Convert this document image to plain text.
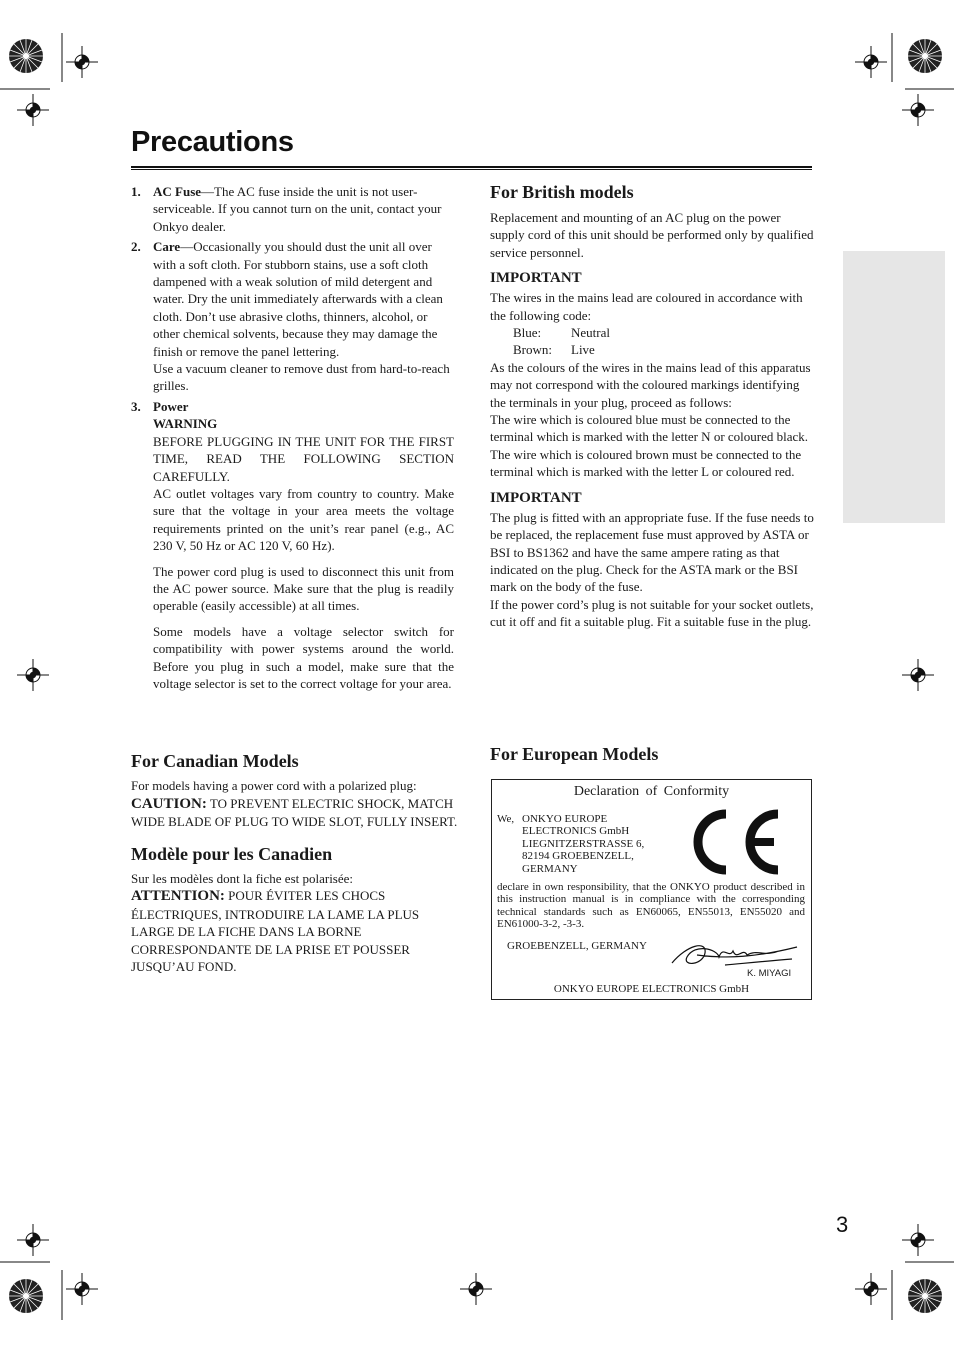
Precautions
1. AC Fuse—The AC fuse inside the unit is not user-serviceable. If you cannot turn on the unit, contact your Onkyo dealer.

2. Care—Occasionally you should dust the unit all over with a soft cloth. For stubborn stains, use a soft cloth dampened with a weak solution of mild detergent and water. Dry the unit immediately afterwards with a clean cloth. Don’t use abrasive cloths, thinners, alcohol, or other chemical solvents, because they may damage the finish or remove the panel lettering.

Use a vacuum cleaner to remove dust from hard-to-reach grilles.

3. Power

WARNING

BEFORE PLUGGING IN THE UNIT FOR THE FIRST TIME, READ THE FOLLOWING SECTION CAREFULLY.

AC outlet voltages vary from country to country. Make sure that the voltage in your area meets the voltage requirements printed on the unit’s rear panel (e.g., AC 230 V, 50 Hz or AC 120 V, 60 Hz).

The power cord plug is used to disconnect this unit from the AC power source. Make sure that the plug is readily operable (easily accessible) at all times.

Some models have a voltage selector switch for compatibility with power systems around the world. Before you plug in such a model, make sure that the voltage selector is set to the correct voltage for your area.

For British models

Replacement and mounting of an AC plug on the power supply cord of this unit should be performed only by qualified service personnel.

IMPORTANT

The wires in the mains lead are coloured in accordance with the following code:

Blue: Neutral

Brown: Live

As the colours of the wires in the mains lead of this apparatus may not correspond with the coloured markings identifying the terminals in your plug, proceed as follows:

The wire which is coloured blue must be connected to the terminal which is marked with the letter N or coloured black.

The wire which is coloured brown must be connected to the terminal which is marked with the letter L or coloured red.

IMPORTANT

The plug is fitted with an appropriate fuse. If the fuse needs to be replaced, the replacement fuse must approved by ASTA or BSI to BS1362 and have the same ampere rating as that indicated on the plug. Check for the ASTA mark or the BSI mark on the body of the fuse.

If the power cord’s plug is not suitable for your socket outlets, cut it off and fit a suitable plug. Fit a suitable fuse in the plug.

For Canadian Models

For models having a power cord with a polarized plug:

CAUTION: TO PREVENT ELECTRIC SHOCK, MATCH WIDE BLADE OF PLUG TO WIDE SLOT, FULLY INSERT.

Modèle pour les Canadien

Sur les modèles dont la fiche est polarisée:

ATTENTION: POUR ÉVITER LES CHOCS ÉLECTRIQUES, INTRODUIRE LA LAME LA PLUS LARGE DE LA FICHE DANS LA BORNE CORRESPONDANTE DE LA PRISE ET POUSSER JUSQU’AU FOND.

For European Models
Declaration of Conformity
We, ONKYO EUROPE
ELECTRONICS GmbH
LIEGNITZERSTRASSE 6,
82194 GROEBENZELL,
GERMANY
declare in own responsibility, that the ONKYO product described in this instruction manual is in compliance with the corresponding technical standards such as EN60065, EN55013, EN55020 and EN61000-3-2, -3-3.
GROEBENZELL, GERMANY
K. MIYAGI
ONKYO EUROPE ELECTRONICS GmbH
3
